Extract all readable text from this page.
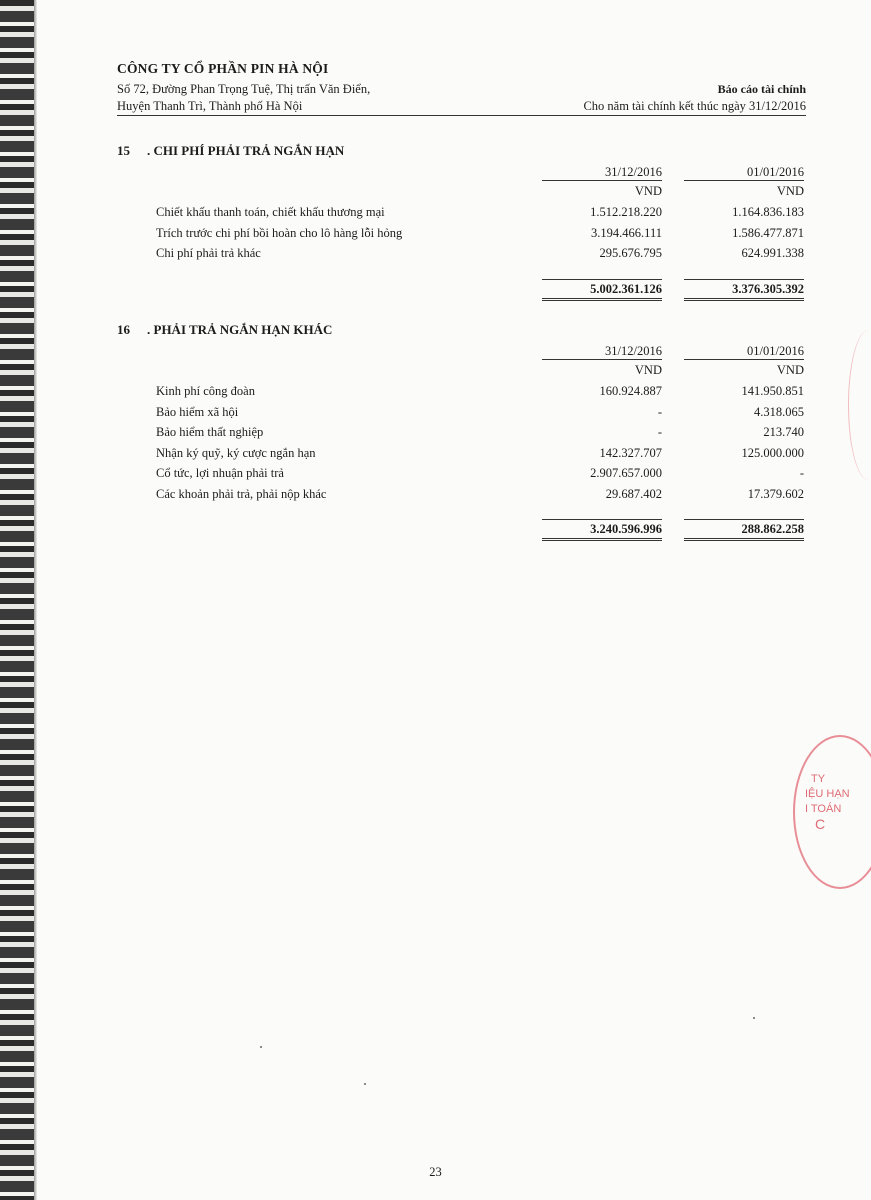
CÔNG TY CỔ PHẦN PIN HÀ NỘI
Số 72, Đường Phan Trọng Tuệ, Thị trấn Văn Điển,	Báo cáo tài chính
Huyện Thanh Trì, Thành phố Hà Nội	Cho năm tài chính kết thúc ngày 31/12/2016
15	. CHI PHÍ PHẢI TRẢ NGẮN HẠN
31/12/2016	01/01/2016
VND	VND
Chiết khấu thanh toán, chiết khấu thương mại	1.512.218.220	1.164.836.183
Trích trước chi phí bồi hoàn cho lô hàng lỗi hỏng	3.194.466.111	1.586.477.871
Chi phí phải trả khác	295.676.795	624.991.338
5.002.361.126	3.376.305.392
16	. PHẢI TRẢ NGẮN HẠN KHÁC
31/12/2016	01/01/2016
VND	VND
Kinh phí công đoàn	160.924.887	141.950.851
Bảo hiểm xã hội	-	4.318.065
Bảo hiểm thất nghiệp	-	213.740
Nhận ký quỹ, ký cược ngắn hạn	142.327.707	125.000.000
Cổ tức, lợi nhuận phải trả	2.907.657.000	-
Các khoản phải trả, phải nộp khác	29.687.402	17.379.602
3.240.596.996	288.862.258
TY
IỆU HẠN
I TOÁN
C
23
